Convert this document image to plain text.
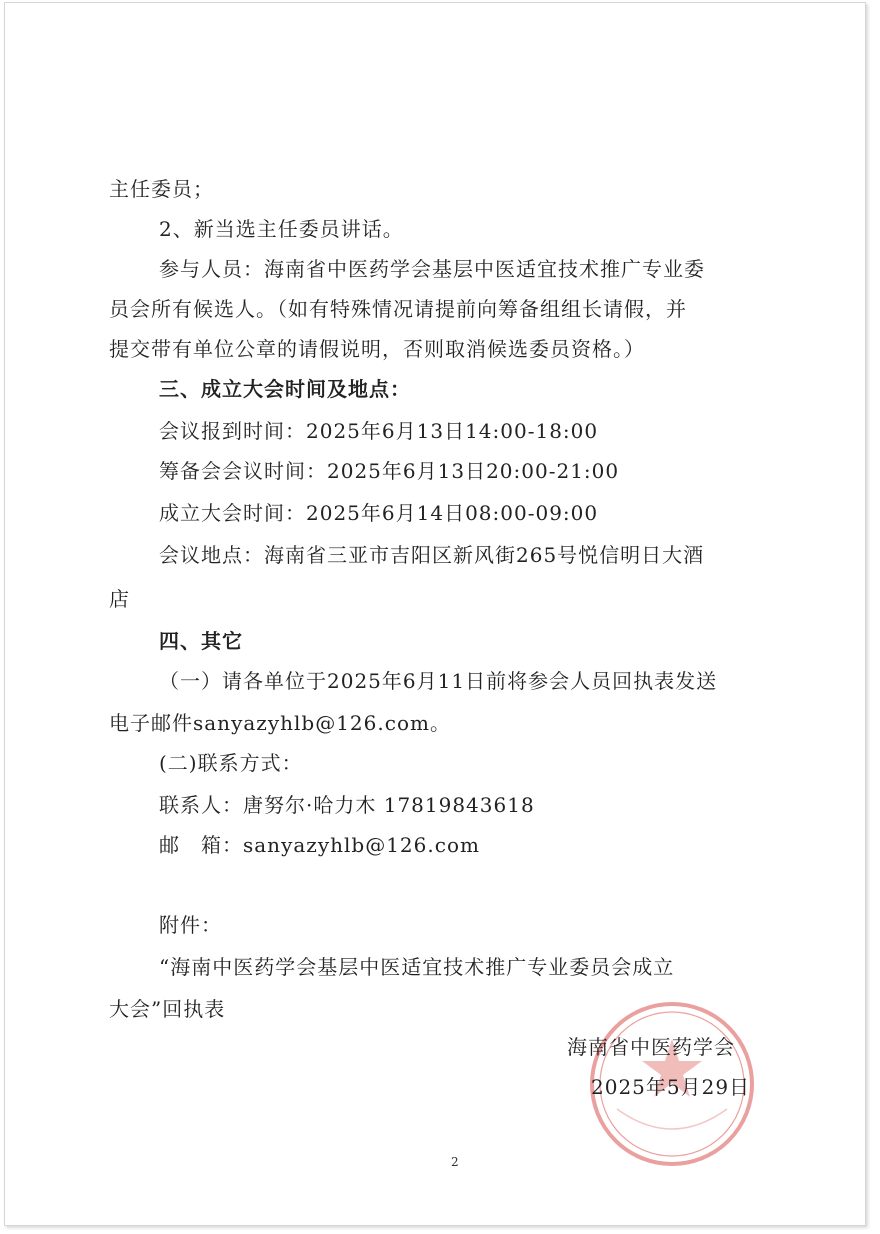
主任委员；
2、新当选主任委员讲话。
参与人员：海南省中医药学会基层中医适宜技术推广专业委
员会所有候选人。（如有特殊情况请提前向筹备组组长请假，并
提交带有单位公章的请假说明，否则取消候选委员资格。）
三、成立大会时间及地点：
会议报到时间：2025年6月13日14:00-18:00
筹备会会议时间：2025年6月13日20:00-21:00
成立大会时间：2025年6月14日08:00-09:00
会议地点：海南省三亚市吉阳区新风街265号悦信明日大酒
店
四、其它
（一）请各单位于2025年6月11日前将参会人员回执表发送
电子邮件sanyazyhlb@126.com。
(二)联系方式：
联系人：唐努尔·哈力木 17819843618
邮　箱：sanyazyhlb@126.com
附件：
“海南中医药学会基层中医适宜技术推广专业委员会成立
大会”回执表
海南省中医药学会
2025年5月29日
2
